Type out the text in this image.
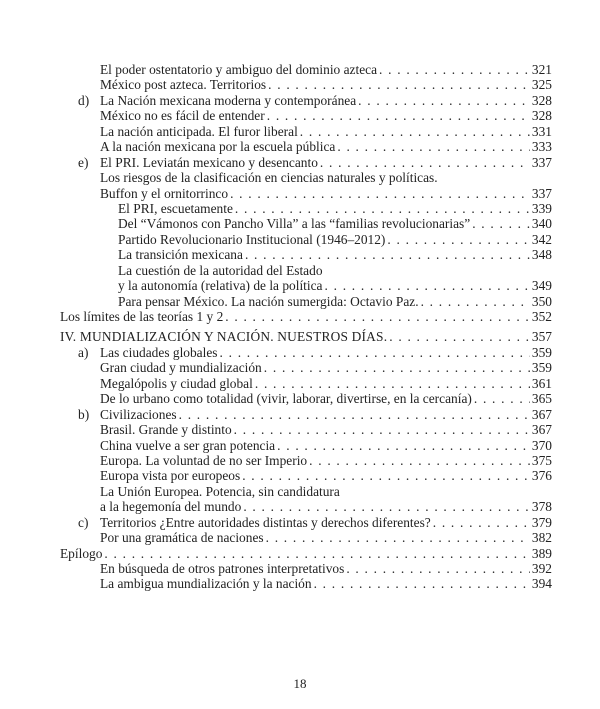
El poder ostentatorio y ambiguo del dominio azteca . . .	321
México post azteca. Territorios . . .	325
d) La Nación mexicana moderna y contemporánea . . .	328
México no es fácil de entender . . .	328
La nación anticipada. El furor liberal . . .	331
A la nación mexicana por la escuela pública . . .	333
e) El PRI. Leviatán mexicano y desencanto . . .	337
Los riesgos de la clasificación en ciencias naturales y políticas.
Buffon y el ornitorrinco . . .	337
El PRI, escuetamente . . .	339
Del “Vámonos con Pancho Villa” a las “familias revolucionarias” . . .	340
Partido Revolucionario Institucional (1946–2012) . . .	342
La transición mexicana . . .	348
La cuestión de la autoridad del Estado
y la autonomía (relativa) de la política . . .	349
Para pensar México. La nación sumergida: Octavio Paz. . . .	350
Los límites de las teorías 1 y 2 . . .	352
IV. MUNDIALIZACIÓN Y NACIÓN. NUESTROS DÍAS. . . .	357
a) Las ciudades globales . . .	359
Gran ciudad y mundialización . . .	359
Megalópolis y ciudad global . . .	361
De lo urbano como totalidad (vivir, laborar, divertirse, en la cercanía) . . .	365
b) Civilizaciones . . .	367
Brasil. Grande y distinto . . .	367
China vuelve a ser gran potencia . . .	370
Europa. La voluntad de no ser Imperio . . .	375
Europa vista por europeos . . .	376
La Unión Europea. Potencia, sin candidatura
a la hegemonía del mundo . . .	378
c) Territorios ¿Entre autoridades distintas y derechos diferentes? . . .	379
Por una gramática de naciones . . .	382
Epílogo . . .	389
En búsqueda de otros patrones interpretativos . . .	392
La ambigua mundialización y la nación . . .	394
18
